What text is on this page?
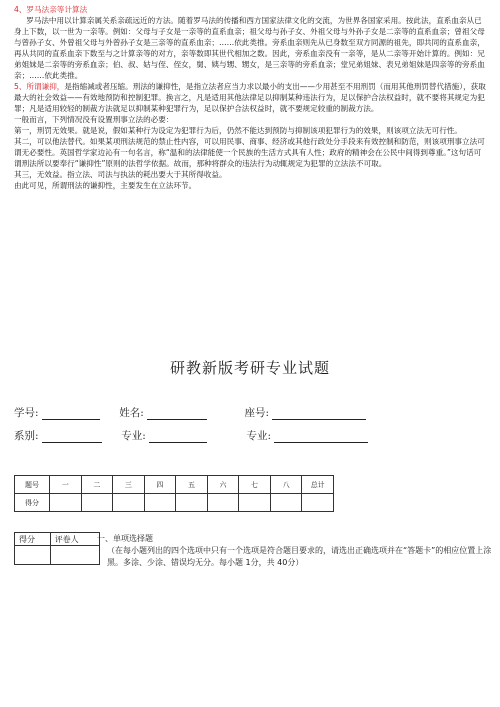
4、罗马法亲等计算法

罗马法中用以计算亲属关系亲疏远近的方法。随着罗马法的传播和西方国家法律文化的交流，为世界各国家采用。按此法，直系血亲从已身上下数，以一世为一亲等。例如：父母与子女是一亲等的直系血亲；祖父母与孙子女、外祖父母与外孙子女是二亲等的直系血亲；曾祖父母与曾孙子女、外曾祖父母与外曾孙子女是三亲等的直系血亲；……依此类推。旁系血亲则先从已身数至双方同源的祖先，即共同的直系血亲，再从共同的直系血亲下数至与之计算亲等的对方，亲等数即其世代相加之数。因此，旁系血亲没有一亲等，是从二亲等开始计算的。例如：兄弟姐妹是二亲等的旁系血亲；伯、叔、姑与侄、侄女，舅、姨与甥、甥女，是三亲等的旁系血亲；堂兄弟姐妹、表兄弟姐妹是四亲等的旁系血亲；……依此类推。

5、所谓谦抑，是指缩减或者压缩。刑法的谦抑性，是指立法者应当力求以最小的支出——少用甚至不用刑罚（而用其他刑罚替代措施），获取最大的社会效益——有效地预防和控制犯罪。换言之，凡是适用其他法律足以抑制某种违法行为，足以保护合法权益时，就不要将其规定为犯罪；凡是适用较轻的制裁方法就足以抑制某种犯罪行为，足以保护合法权益时，就不要规定较重的制裁方法。

一般而言，下列情况没有设置刑事立法的必要：

第一，刑罚无效果。就是说，假如某种行为设定为犯罪行为后，仍然不能达到预防与抑制该项犯罪行为的效果，则该项立法无可行性。

其二，可以他法替代。如果某项刑法规范的禁止性内容，可以用民事、商事、经济或其他行政处分手段来有效控制和防范，则该项刑事立法可谓无必要性。英国哲学家边沁有一句名言，称“温和的法律能使一个民族的生活方式具有人性；政府的精神会在公民中间得到尊重。”这句话可谓刑法所以要奉行“谦抑性”原则的法哲学依据。故而，那种将群众的违法行为动辄规定为犯罪的立法法不可取。

其三，无效益。指立法、司法与执法的耗出要大于其所得收益。

由此可见，所谓刑法的谦抑性，主要发生在立法环节。

研教新版考研专业试题
学号:	姓名:	座号:
系别:	专业:	专业:
题号	一	二	三	四	五	六	七	八	总计
得分									
得分	评卷人
	一、单项选择题

（在每小题列出的四个选项中只有一个选项是符合题目要求的，请选出正确选项并在“答题卡”的相应位置上涂黑。多涂、少涂、错误均无分。每小题 1分，共 40分）
